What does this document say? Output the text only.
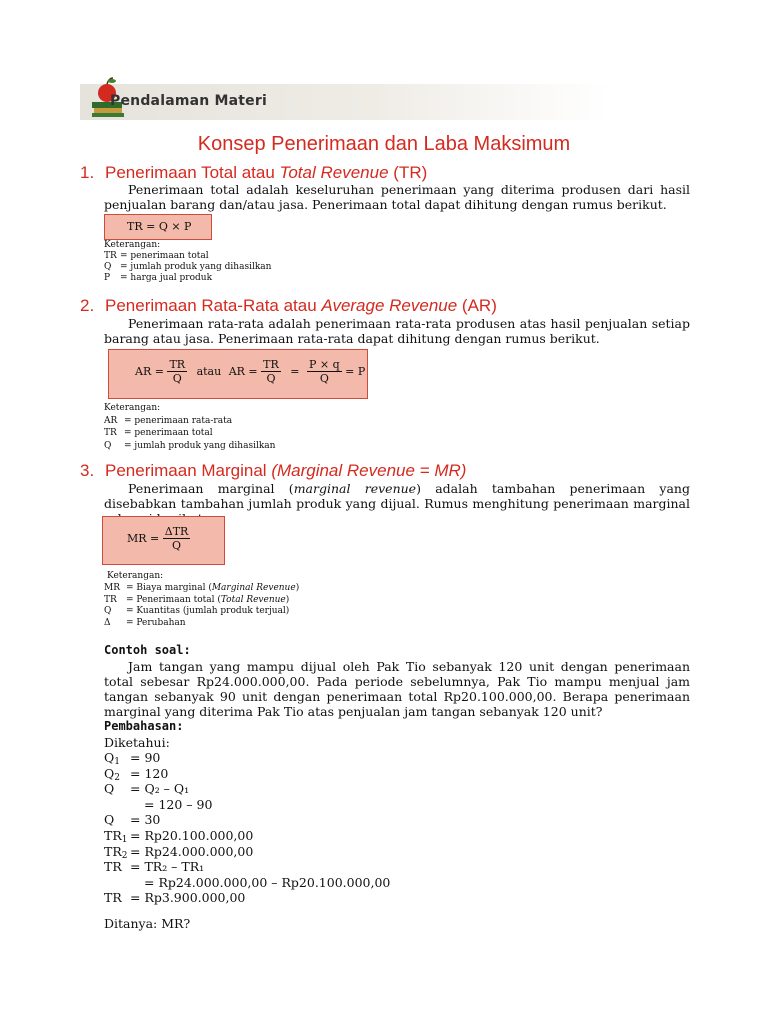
Pendalaman Materi
Konsep Penerimaan dan Laba Maksimum
1. Penerimaan Total atau Total Revenue (TR)
Penerimaan total adalah keseluruhan penerimaan yang diterima produsen dari hasil penjualan barang dan/atau jasa. Penerimaan total dapat dihitung dengan rumus berikut.
TR = Q × P
Keterangan:
TR = penerimaan total
Q = jumlah produk yang dihasilkan
P = harga jual produk
2. Penerimaan Rata-Rata atau Average Revenue (AR)
Penerimaan rata-rata adalah penerimaan rata-rata produsen atas hasil penjualan setiap barang atau jasa. Penerimaan rata-rata dapat dihitung dengan rumus berikut.
AR = $\frac{TR}{Q}$ atau AR = $\frac{TR}{Q} = \frac{P \times q}{Q} = P$
Keterangan:
AR = penerimaan rata-rata
TR = penerimaan total
Q = jumlah produk yang dihasilkan
3. Penerimaan Marginal (Marginal Revenue = MR)
Penerimaan marginal (marginal revenue) adalah tambahan penerimaan yang disebabkan tambahan jumlah produk yang dijual. Rumus menghitung penerimaan marginal
MR = $\frac{\text{ΔTR}}{Q}$
Keterangan:
MR = Biaya marginal (Marginal Revenue)
TR = Penerimaan total (Total Revenue)
Q = Kuantitas (jumlah produk terjual)
Δ = Perubahan
Contoh soal:
Jam tangan yang mampu dijual oleh Pak Tio sebanyak 120 unit dengan penerimaan total sebesar Rp24.000.000,00. Pada periode sebelumnya, Pak Tio mampu menjual jam tangan sebanyak 90 unit dengan penerimaan total Rp20.100.000,00. Berapa penerimaan marginal yang diterima Pak Tio atas penjualan jam tangan sebanyak 120 unit?
Pembahasan:
Diketahui:
$Q_1 = 90$
$Q_2 = 120$
Q = Q₂ – Q₁
= 120 – 90
Q = 30
$TR_1 = Rp20.100.000,00$
$TR_2 = Rp24.000.000,00$
TR = TR₂ – TR₁
= Rp24.000.000,00 – Rp20.100.000,00
TR = Rp3.900.000,00
Ditanya: MR?
